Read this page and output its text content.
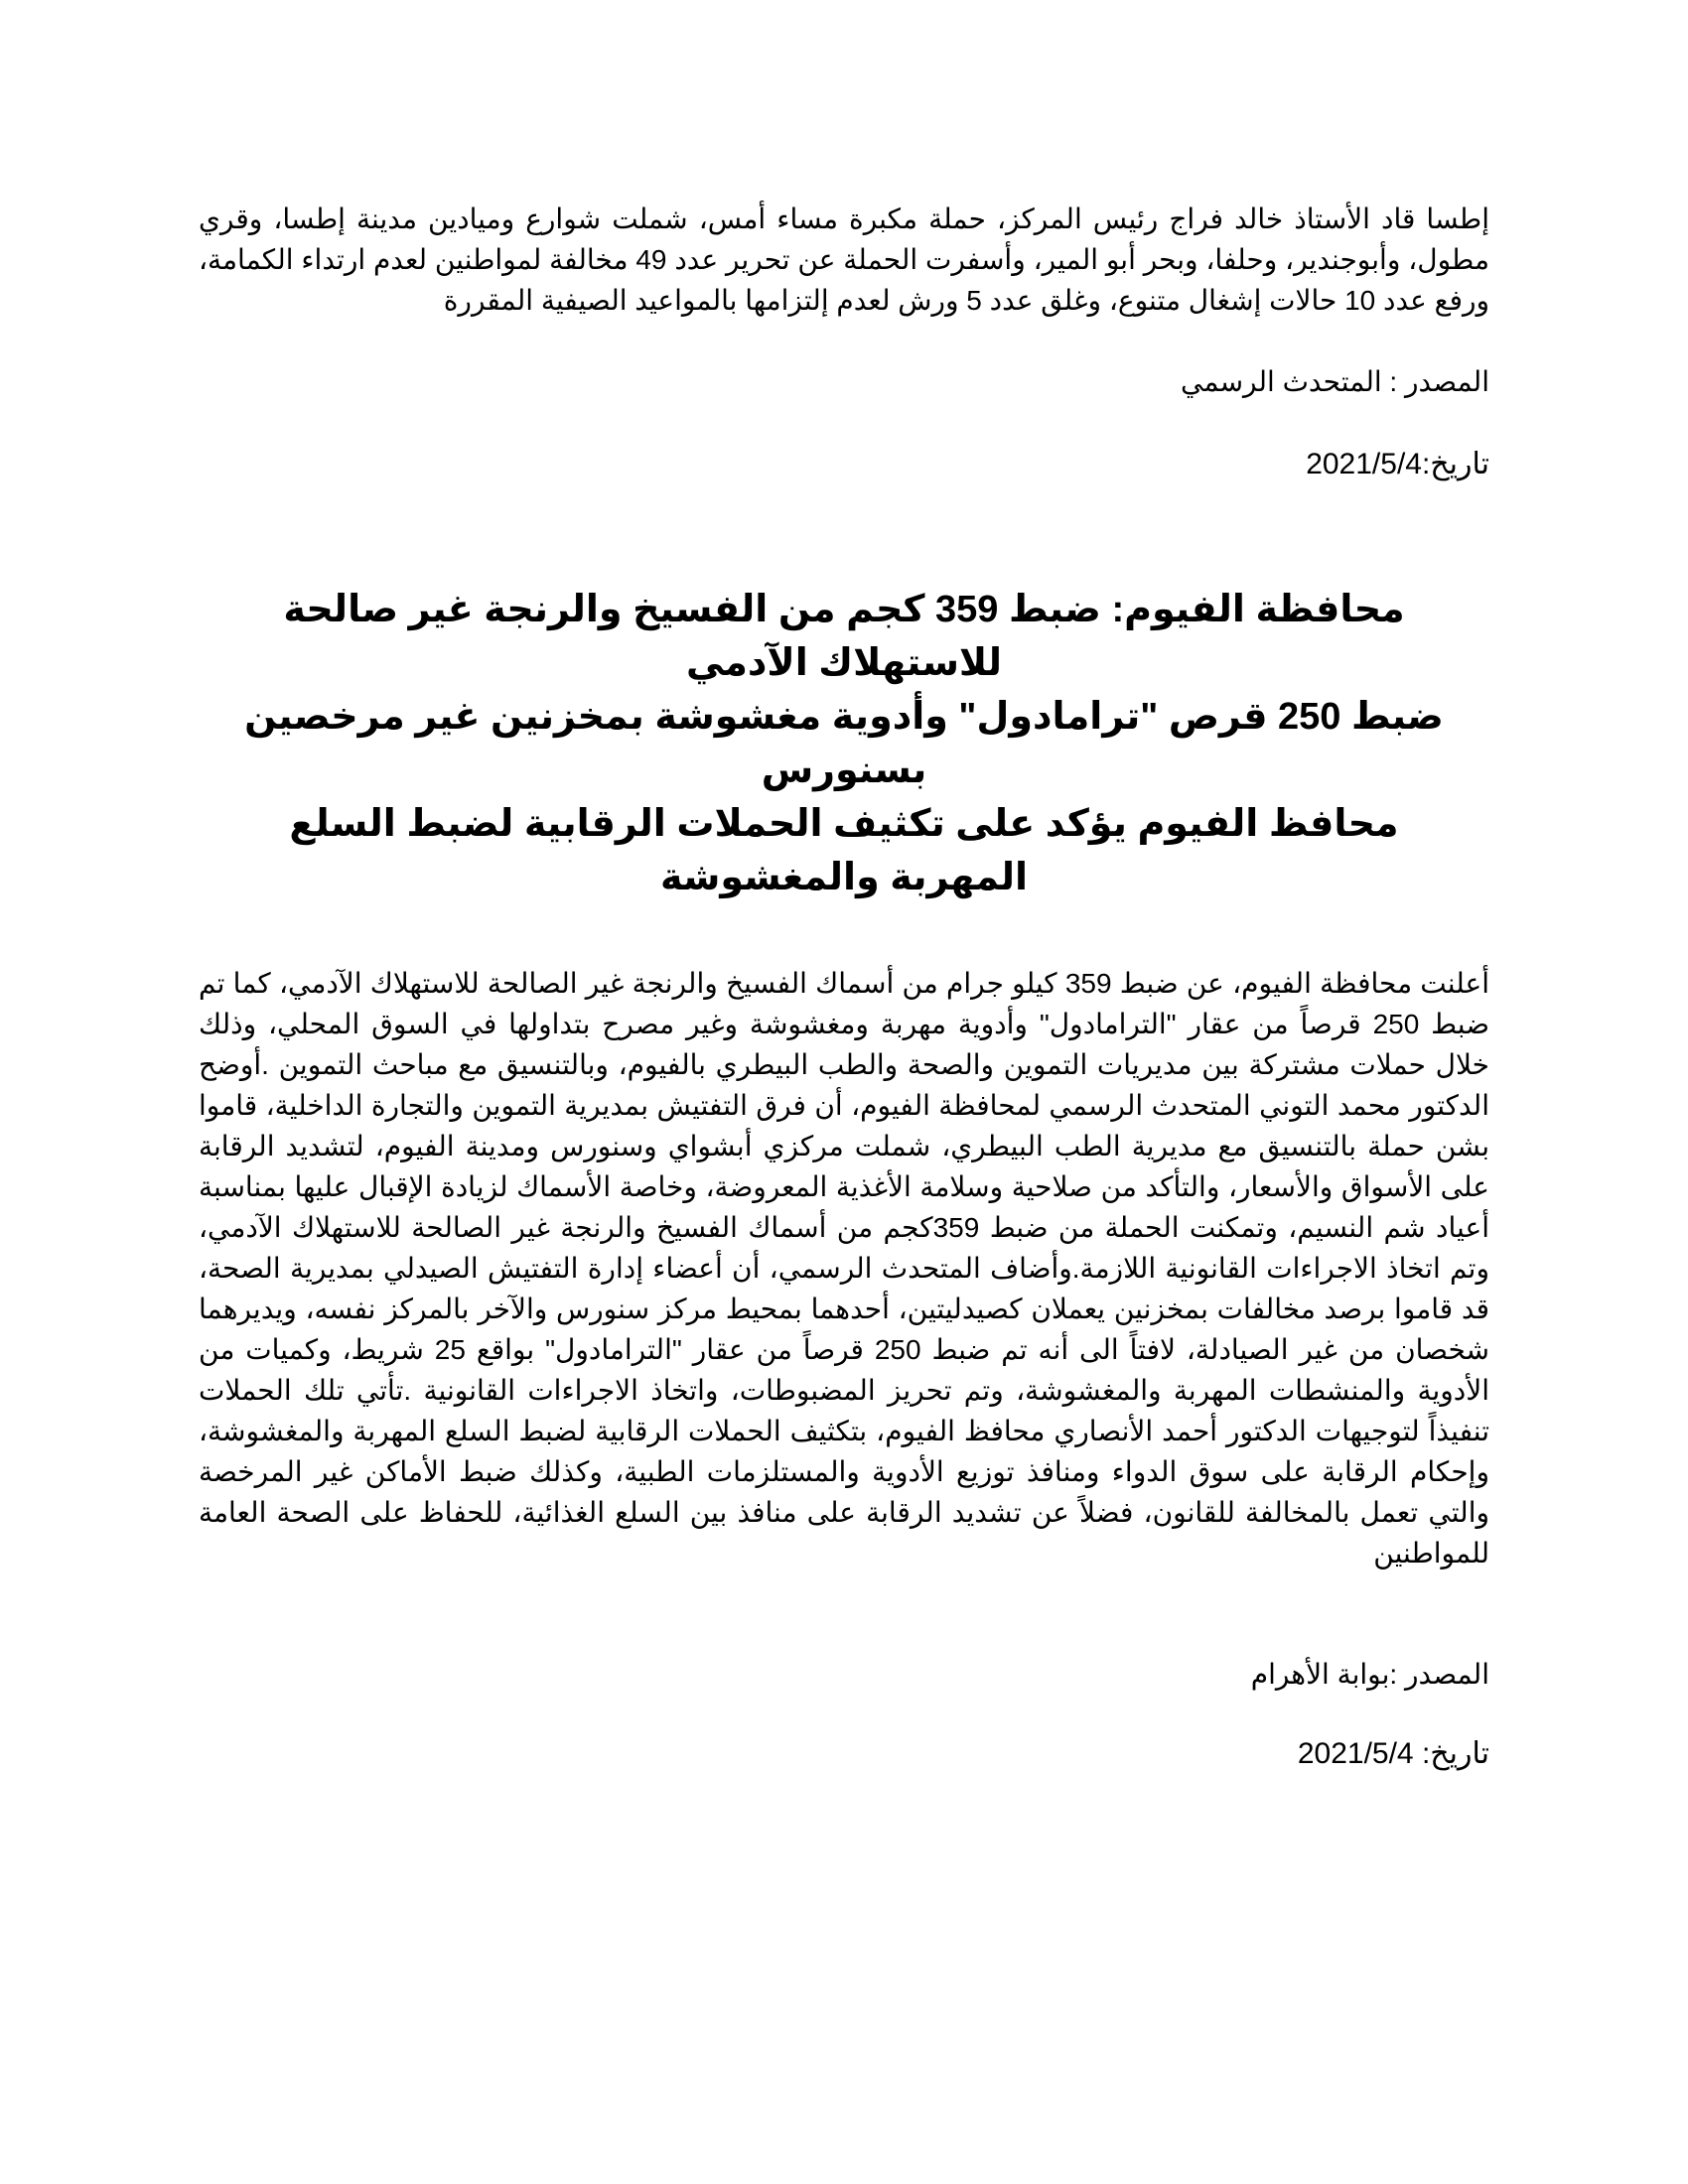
إطسا قاد الأستاذ خالد فراج رئيس المركز، حملة مكبرة مساء أمس، شملت شوارع وميادين مدينة إطسا، وقري مطول، وأبوجندير، وحلفا، وبحر أبو المير، وأسفرت الحملة عن تحرير عدد 49 مخالفة لمواطنين لعدم ارتداء الكمامة، ورفع عدد 10 حالات إشغال متنوع، وغلق عدد 5 ورش لعدم إلتزامها بالمواعيد الصيفية المقررة
المصدر : المتحدث الرسمي
تاريخ:2021/5/4
محافظة الفيوم: ضبط 359 كجم من الفسيخ والرنجة غير صالحة للاستهلاك الآدمي
ضبط 250 قرص "ترامادول" وأدوية مغشوشة بمخزنين غير مرخصين بسنورس
محافظ الفيوم يؤكد على تكثيف الحملات الرقابية لضبط السلع المهربة والمغشوشة
أعلنت محافظة الفيوم، عن ضبط 359 كيلو جرام من أسماك الفسيخ والرنجة غير الصالحة للاستهلاك الآدمي، كما تم ضبط 250 قرصاً من عقار "الترامادول" وأدوية مهربة ومغشوشة وغير مصرح بتداولها في السوق المحلي، وذلك خلال حملات مشتركة بين مديريات التموين والصحة والطب البيطري بالفيوم، وبالتنسيق مع مباحث التموين .أوضح الدكتور محمد التوني المتحدث الرسمي لمحافظة الفيوم، أن فرق التفتيش بمديرية التموين والتجارة الداخلية، قاموا بشن حملة بالتنسيق مع مديرية الطب البيطري، شملت مركزي أبشواي وسنورس ومدينة الفيوم، لتشديد الرقابة على الأسواق والأسعار، والتأكد من صلاحية وسلامة الأغذية المعروضة، وخاصة الأسماك لزيادة الإقبال عليها بمناسبة أعياد شم النسيم، وتمكنت الحملة من ضبط 359كجم من أسماك الفسيخ والرنجة غير الصالحة للاستهلاك الآدمي، وتم اتخاذ الاجراءات القانونية اللازمة.وأضاف المتحدث الرسمي، أن أعضاء إدارة التفتيش الصيدلي بمديرية الصحة، قد قاموا برصد مخالفات بمخزنين يعملان كصيدليتين، أحدهما بمحيط مركز سنورس والآخر بالمركز نفسه، ويديرهما شخصان من غير الصيادلة، لافتاً الى أنه تم ضبط 250 قرصاً من عقار "الترامادول" بواقع 25 شريط، وكميات من الأدوية والمنشطات المهربة والمغشوشة، وتم تحريز المضبوطات، واتخاذ الاجراءات القانونية .تأتي تلك الحملات تنفيذاً لتوجيهات الدكتور أحمد الأنصاري محافظ الفيوم، بتكثيف الحملات الرقابية لضبط السلع المهربة والمغشوشة، وإحكام الرقابة على سوق الدواء ومنافذ توزيع الأدوية والمستلزمات الطبية، وكذلك ضبط الأماكن غير المرخصة والتي تعمل بالمخالفة للقانون، فضلاً عن تشديد الرقابة على منافذ بين السلع الغذائية، للحفاظ على الصحة العامة للمواطنين
المصدر :بوابة الأهرام
تاريخ: 2021/5/4
